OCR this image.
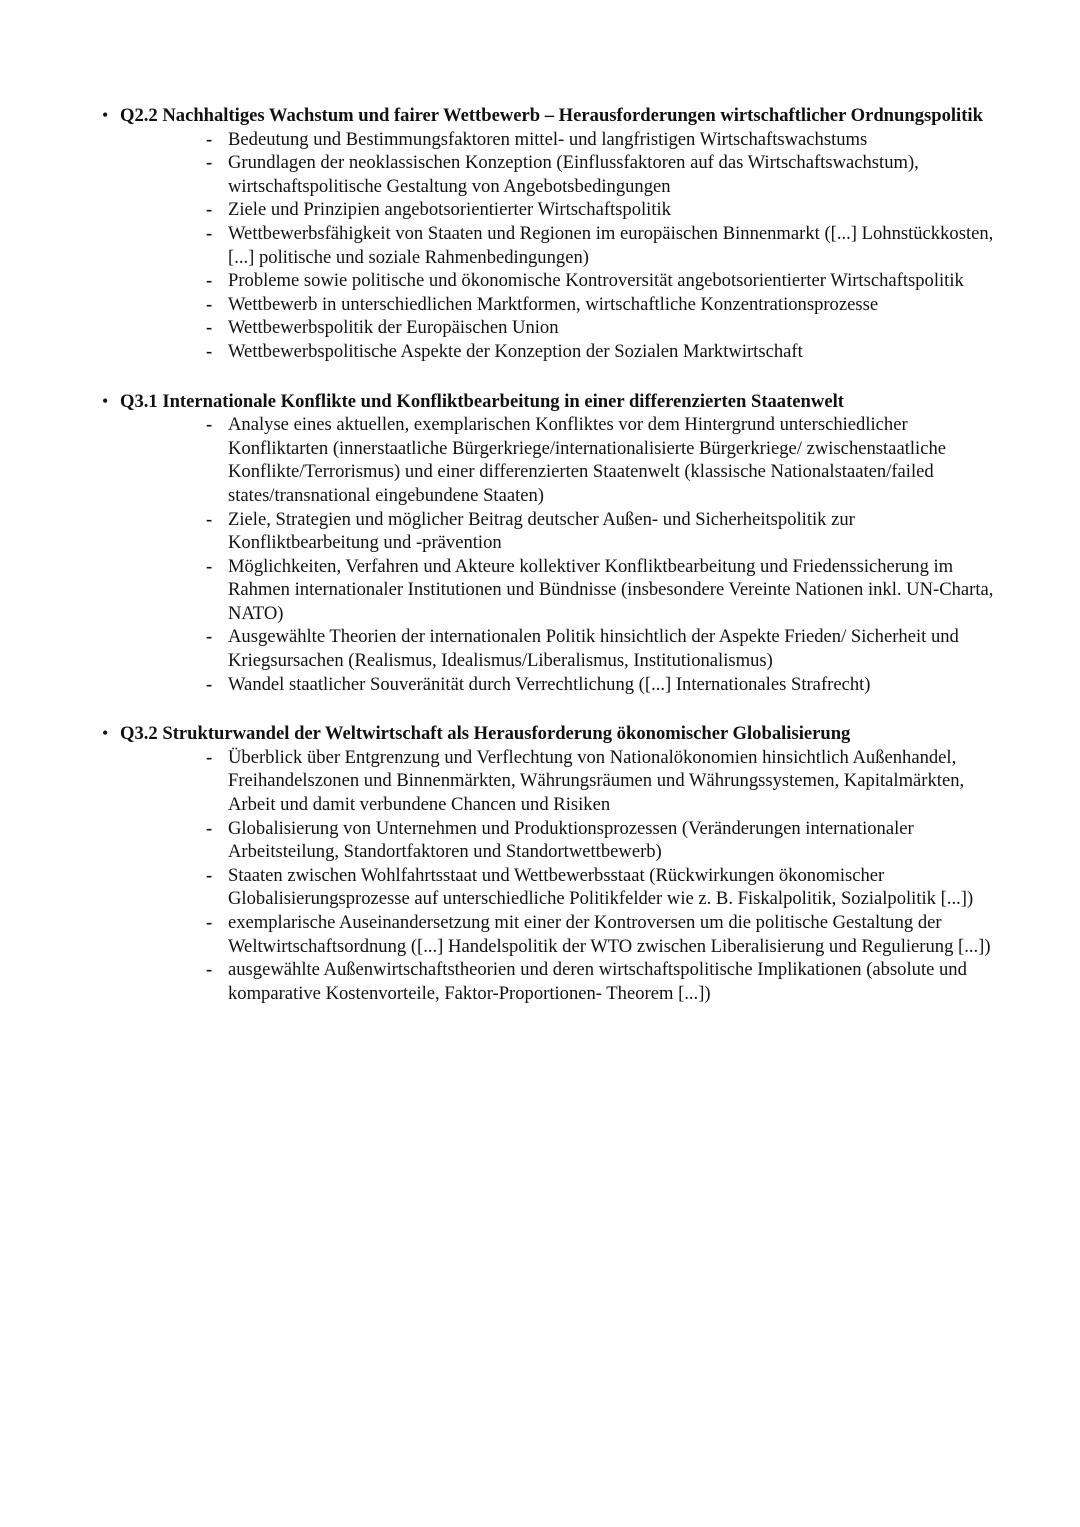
• Q2.2 Nachhaltiges Wachstum und fairer Wettbewerb – Herausforderungen wirtschaftlicher Ordnungspolitik
- Bedeutung und Bestimmungsfaktoren mittel- und langfristigen Wirtschaftswachstums
- Grundlagen der neoklassischen Konzeption (Einflussfaktoren auf das Wirtschaftswachstum), wirtschaftspolitische Gestaltung von Angebotsbedingungen
- Ziele und Prinzipien angebotsorientierter Wirtschaftspolitik
- Wettbewerbsfähigkeit von Staaten und Regionen im europäischen Binnenmarkt ([...] Lohnstückkosten, [...] politische und soziale Rahmenbedingungen)
- Probleme sowie politische und ökonomische Kontroversität angebotsorientierter Wirtschaftspolitik
- Wettbewerb in unterschiedlichen Marktformen, wirtschaftliche Konzentrationsprozesse
- Wettbewerbspolitik der Europäischen Union
- Wettbewerbspolitische Aspekte der Konzeption der Sozialen Marktwirtschaft
• Q3.1 Internationale Konflikte und Konfliktbearbeitung in einer differenzierten Staatenwelt
- Analyse eines aktuellen, exemplarischen Konfliktes vor dem Hintergrund unterschiedlicher Konfliktarten (innerstaatliche Bürgerkriege/internationalisierte Bürgerkriege/ zwischenstaatliche Konflikte/Terrorismus) und einer differenzierten Staatenwelt (klassische Nationalstaaten/failed states/transnational eingebundene Staaten)
- Ziele, Strategien und möglicher Beitrag deutscher Außen- und Sicherheitspolitik zur Konfliktbearbeitung und -prävention
- Möglichkeiten, Verfahren und Akteure kollektiver Konfliktbearbeitung und Friedenssicherung im Rahmen internationaler Institutionen und Bündnisse (insbesondere Vereinte Nationen inkl. UN-Charta, NATO)
- Ausgewählte Theorien der internationalen Politik hinsichtlich der Aspekte Frieden/ Sicherheit und Kriegsursachen (Realismus, Idealismus/Liberalismus, Institutionalismus)
- Wandel staatlicher Souveränität durch Verrechtlichung ([...] Internationales Strafrecht)
• Q3.2 Strukturwandel der Weltwirtschaft als Herausforderung ökonomischer Globalisierung
- Überblick über Entgrenzung und Verflechtung von Nationalökonomien hinsichtlich Außenhandel, Freihandelszonen und Binnenmärkten, Währungsräumen und Währungssystemen, Kapitalmärkten, Arbeit und damit verbundene Chancen und Risiken
- Globalisierung von Unternehmen und Produktionsprozessen (Veränderungen internationaler Arbeitsteilung, Standortfaktoren und Standortwettbewerb)
- Staaten zwischen Wohlfahrtsstaat und Wettbewerbsstaat (Rückwirkungen ökonomischer Globalisierungsprozesse auf unterschiedliche Politikfelder wie z. B. Fiskalpolitik, Sozialpolitik [...])
- exemplarische Auseinandersetzung mit einer der Kontroversen um die politische Gestaltung der Weltwirtschaftsordnung ([...] Handelspolitik der WTO zwischen Liberalisierung und Regulierung [...])
- ausgewählte Außenwirtschaftstheorien und deren wirtschaftspolitische Implikationen (absolute und komparative Kostenvorteile, Faktor-Proportionen- Theorem [...])
